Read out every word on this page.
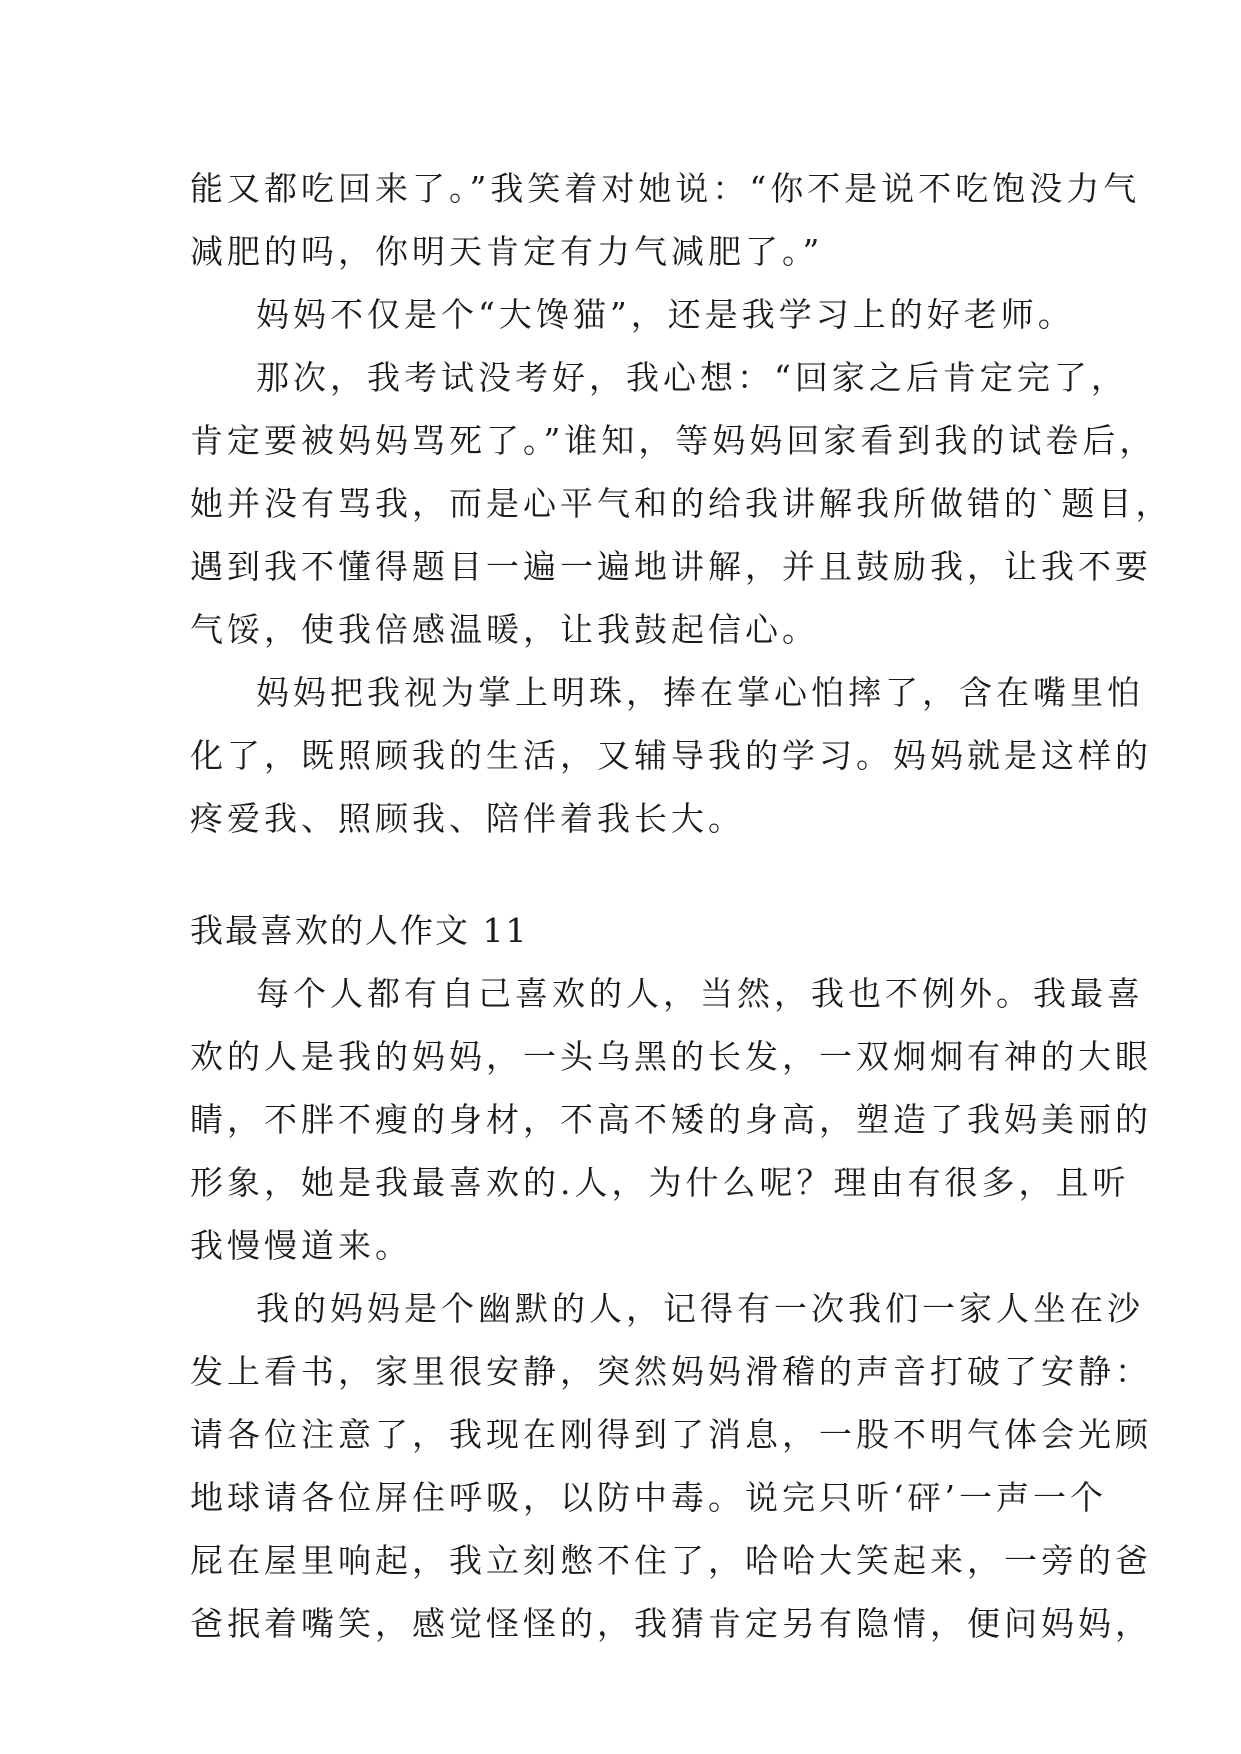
能又都吃回来了。”我笑着对她说：“你不是说不吃饱没力气
减肥的吗，你明天肯定有力气减肥了。”
妈妈不仅是个“大馋猫”，还是我学习上的好老师。
那次，我考试没考好，我心想：“回家之后肯定完了，
肯定要被妈妈骂死了。”谁知，等妈妈回家看到我的试卷后，
她并没有骂我，而是心平气和的给我讲解我所做错的`题目，
遇到我不懂得题目一遍一遍地讲解，并且鼓励我，让我不要
气馁，使我倍感温暖，让我鼓起信心。
妈妈把我视为掌上明珠，捧在掌心怕摔了，含在嘴里怕
化了，既照顾我的生活，又辅导我的学习。妈妈就是这样的
疼爱我、照顾我、陪伴着我长大。
我最喜欢的人作文 11
每个人都有自己喜欢的人，当然，我也不例外。我最喜
欢的人是我的妈妈，一头乌黑的长发，一双炯炯有神的大眼
睛，不胖不瘦的身材，不高不矮的身高，塑造了我妈美丽的
形象，她是我最喜欢的.人，为什么呢？理由有很多，且听
我慢慢道来。
我的妈妈是个幽默的人，记得有一次我们一家人坐在沙
发上看书，家里很安静，突然妈妈滑稽的声音打破了安静：
请各位注意了，我现在刚得到了消息，一股不明气体会光顾
地球请各位屏住呼吸，以防中毒。说完只听‘砰’一声一个
屁在屋里响起，我立刻憋不住了，哈哈大笑起来，一旁的爸
爸抿着嘴笑，感觉怪怪的，我猜肯定另有隐情，便问妈妈，
